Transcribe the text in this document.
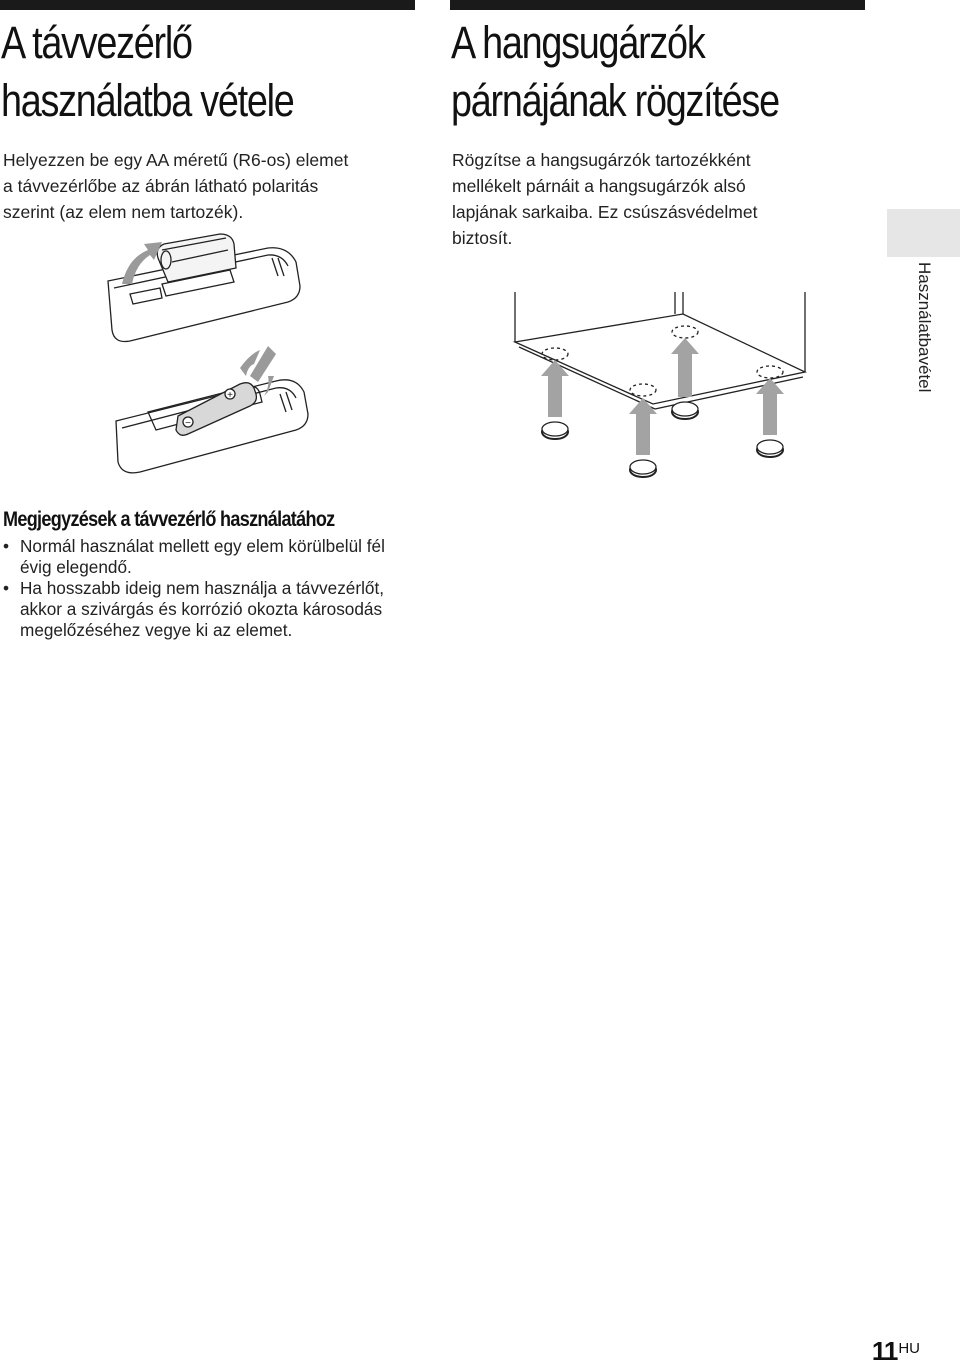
A távvezérlő
használatba vétele
Helyezzen be egy AA méretű (R6-os) elemet
a távvezérlőbe az ábrán látható polaritás
szerint (az elem nem tartozék).
+
−
A hangsugárzók
párnájának rögzítése
Rögzítse a hangsugárzók tartozékként
mellékelt párnáit a hangsugárzók alsó
lapjának sarkaiba. Ez csúszásvédelmet
biztosít.
Használatbavétel
Megjegyzések a távvezérlő használatához
• Normál használat mellett egy elem körülbelül fél
évig elegendő.
• Ha hosszabb ideig nem használja a távvezérlőt,
akkor a szivárgás és korrózió okozta károsodás
megelőzéséhez vegye ki az elemet.
11HU
